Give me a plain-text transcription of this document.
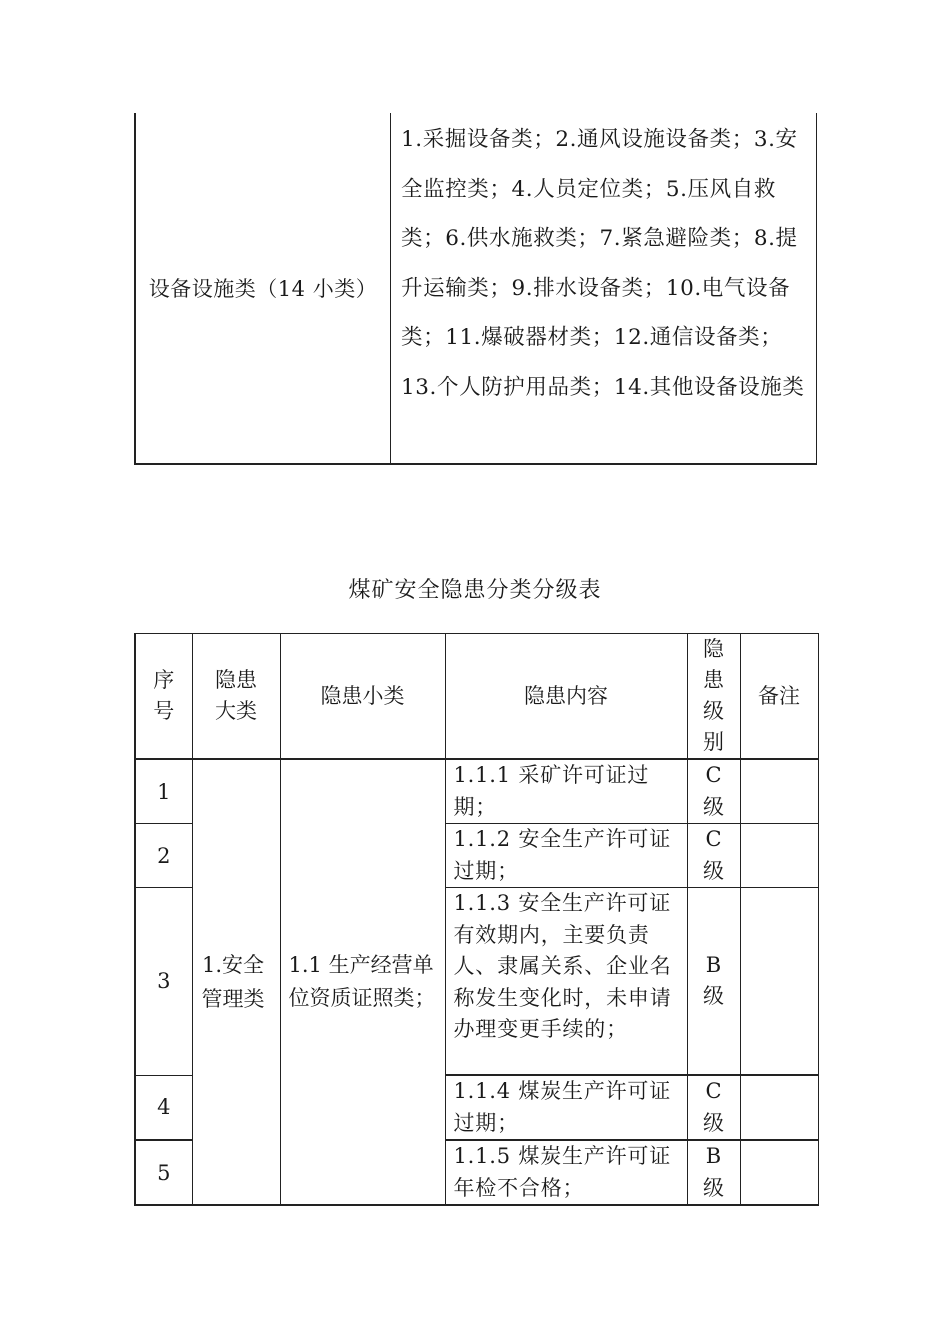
设备设施类（14 小类）	1.采掘设备类；2.通风设施设备类；3.安全监控类；4.人员定位类；5.压风自救类；6.供水施救类；7.紧急避险类；8.提升运输类；9.排水设备类；10.电气设备类；11.爆破器材类；12.通信设备类； 13.个人防护用品类；14.其他设备设施类
煤矿安全隐患分类分级表
序号	隐患大类	隐患小类	隐患内容	隐患级别	备注
1	1.安全管理类	1.1 生产经营单位资质证照类；	1.1.1 采矿许可证过期；	C级	
2			1.1.2 安全生产许可证过期；	C级	
3			1.1.3 安全生产许可证有效期内，主要负责人、隶属关系、企业名称发生变化时，未申请办理变更手续的；	B级	
4			1.1.4 煤炭生产许可证过期；	C级	
5			1.1.5 煤炭生产许可证年检不合格；	B级	
